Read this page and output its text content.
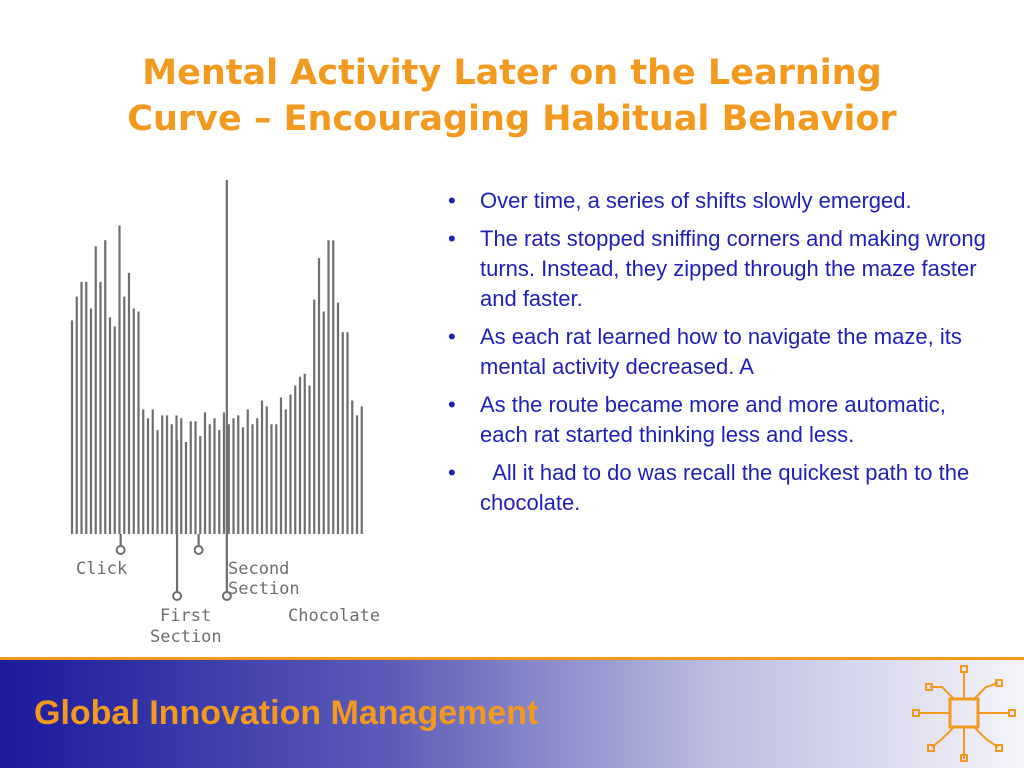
Mental Activity Later on the Learning
Curve – Encouraging Habitual Behavior
Click
First Section
Second Section
Chocolate
• Over time, a series of shifts slowly emerged.
• The rats stopped sniffing corners and making wrong turns. Instead, they zipped through the maze faster and faster.
• As each rat learned how to navigate the maze, its mental activity decreased. A
• As the route became more and more automatic, each rat started thinking less and less.
• All it had to do was recall the quickest path to the chocolate.
Global Innovation Management
